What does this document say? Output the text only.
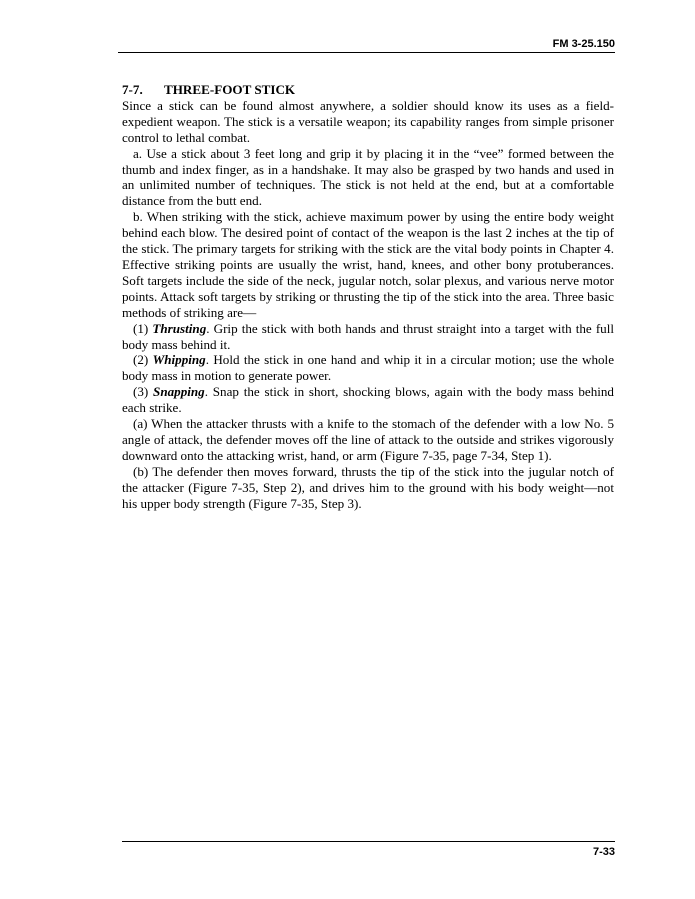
FM 3-25.150

7-7. THREE-FOOT STICK

Since a stick can be found almost anywhere, a soldier should know its uses as a field-expedient weapon. The stick is a versatile weapon; its capability ranges from simple prisoner control to lethal combat.

a. Use a stick about 3 feet long and grip it by placing it in the “vee” formed between the thumb and index finger, as in a handshake. It may also be grasped by two hands and used in an unlimited number of techniques. The stick is not held at the end, but at a comfortable distance from the butt end.

b. When striking with the stick, achieve maximum power by using the entire body weight behind each blow. The desired point of contact of the weapon is the last 2 inches at the tip of the stick. The primary targets for striking with the stick are the vital body points in Chapter 4. Effective striking points are usually the wrist, hand, knees, and other bony protuberances. Soft targets include the side of the neck, jugular notch, solar plexus, and various nerve motor points. Attack soft targets by striking or thrusting the tip of the stick into the area. Three basic methods of striking are—

(1) Thrusting. Grip the stick with both hands and thrust straight into a target with the full body mass behind it.

(2) Whipping. Hold the stick in one hand and whip it in a circular motion; use the whole body mass in motion to generate power.

(3) Snapping. Snap the stick in short, shocking blows, again with the body mass behind each strike.

(a) When the attacker thrusts with a knife to the stomach of the defender with a low No. 5 angle of attack, the defender moves off the line of attack to the outside and strikes vigorously downward onto the attacking wrist, hand, or arm (Figure 7-35, page 7-34, Step 1).

(b) The defender then moves forward, thrusts the tip of the stick into the jugular notch of the attacker (Figure 7-35, Step 2), and drives him to the ground with his body weight—not his upper body strength (Figure 7-35, Step 3).

7-33
